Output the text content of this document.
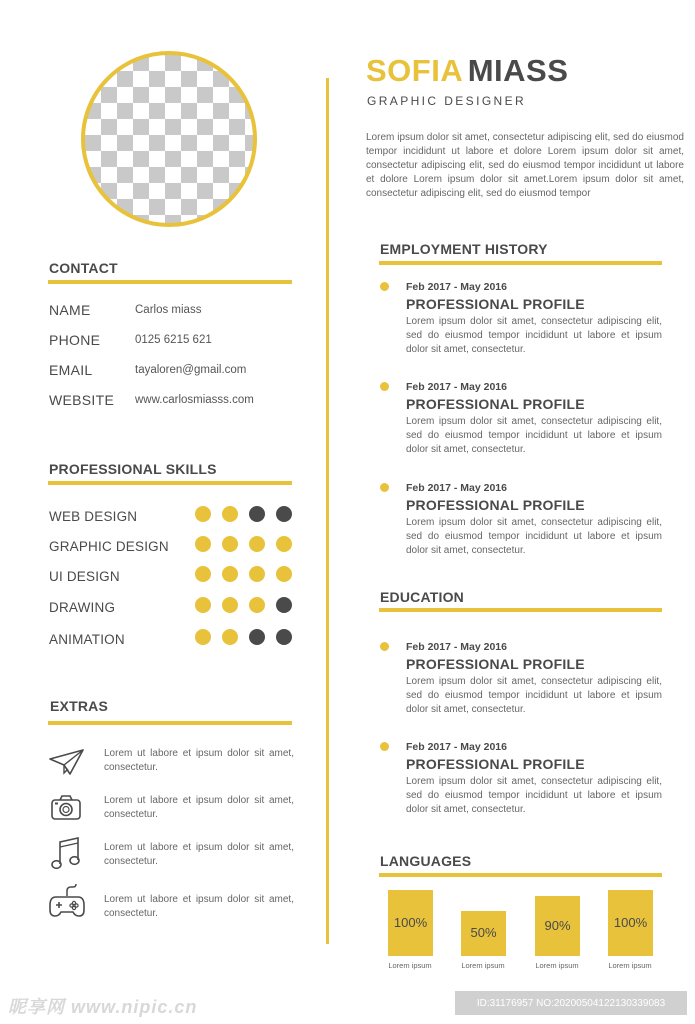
SOFIA MIASS
GRAPHIC DESIGNER
Lorem ipsum dolor sit amet, consectetur adipiscing elit, sed do eiusmod tempor incididunt ut labore et dolore Lorem ipsum dolor sit amet, consectetur adipiscing elit, sed do eiusmod tempor incididunt ut labore et dolore Lorem ipsum dolor sit amet.Lorem ipsum dolor sit amet, consectetur adipiscing elit, sed do eiusmod tempor
CONTACT
NAME	Carlos miass
PHONE	0125 6215 621
EMAIL	tayaloren@gmail.com
WEBSITE www.carlosmiasss.com
PROFESSIONAL SKILLS
WEB DESIGN
GRAPHIC DESIGN
UI DESIGN
DRAWING
ANIMATION
EXTRAS
Lorem ut labore et ipsum dolor sit amet, consectetur.
Lorem ut labore et ipsum dolor sit amet, consectetur.
Lorem ut labore et ipsum dolor sit amet, consectetur.
Lorem ut labore et ipsum dolor sit amet, consectetur.
EMPLOYMENT HISTORY
Feb 2017 - May 2016
PROFESSIONAL PROFILE
Lorem ipsum dolor sit amet, consectetur adipiscing elit, sed do eiusmod tempor incididunt ut labore et ipsum dolor sit amet, consectetur.
Feb 2017 - May 2016
PROFESSIONAL PROFILE
Lorem ipsum dolor sit amet, consectetur adipiscing elit, sed do eiusmod tempor incididunt ut labore et ipsum dolor sit amet, consectetur.
Feb 2017 - May 2016
PROFESSIONAL PROFILE
Lorem ipsum dolor sit amet, consectetur adipiscing elit, sed do eiusmod tempor incididunt ut labore et ipsum dolor sit amet, consectetur.
EDUCATION
Feb 2017 - May 2016
PROFESSIONAL PROFILE
Lorem ipsum dolor sit amet, consectetur adipiscing elit, sed do eiusmod tempor incididunt ut labore et ipsum dolor sit amet, consectetur.
Feb 2017 - May 2016
PROFESSIONAL PROFILE
Lorem ipsum dolor sit amet, consectetur adipiscing elit, sed do eiusmod tempor incididunt ut labore et ipsum dolor sit amet, consectetur.
LANGUAGES
100%
Lorem ipsum
50%
Lorem ipsum
90%
Lorem ipsum
100%
Lorem ipsum
昵享网 www.nipic.cn	ID:31176957 NO:20200504122130339083
